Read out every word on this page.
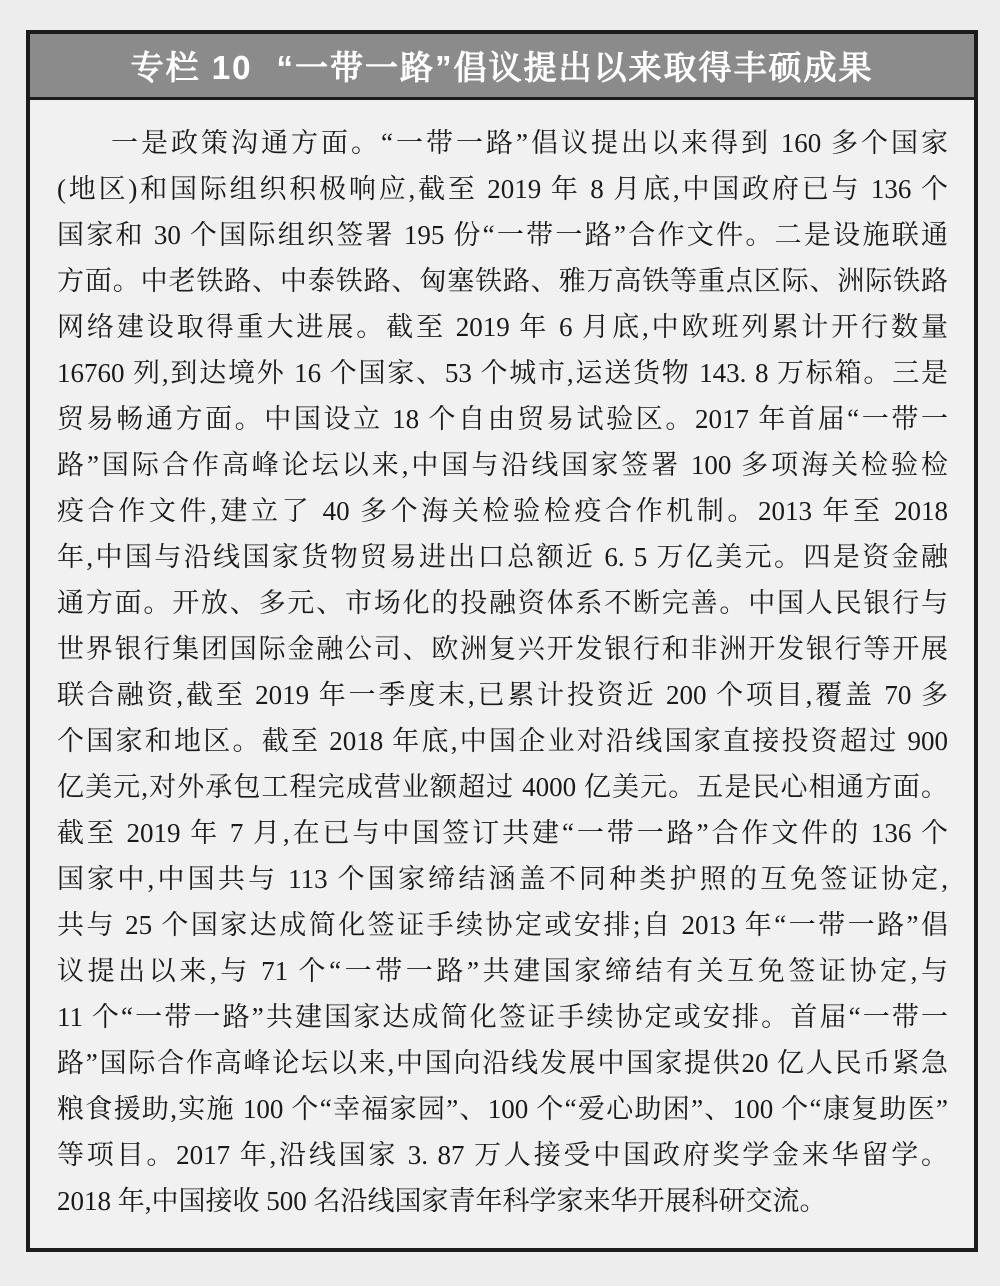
专栏 10 “一带一路”倡议提出以来取得丰硕成果
一是政策沟通方面。“一带一路”倡议提出以来得到 160 多个国家
(地区)和国际组织积极响应,截至 2019 年 8 月底,中国政府已与 136 个
国家和 30 个国际组织签署 195 份“一带一路”合作文件。二是设施联通
方面。中老铁路、中泰铁路、匈塞铁路、雅万高铁等重点区际、洲际铁路
网络建设取得重大进展。截至 2019 年 6 月底,中欧班列累计开行数量
16760 列,到达境外 16 个国家、53 个城市,运送货物 143. 8 万标箱。三是
贸易畅通方面。中国设立 18 个自由贸易试验区。2017 年首届“一带一
路”国际合作高峰论坛以来,中国与沿线国家签署 100 多项海关检验检
疫合作文件,建立了 40 多个海关检验检疫合作机制。2013 年至 2018
年,中国与沿线国家货物贸易进出口总额近 6. 5 万亿美元。四是资金融
通方面。开放、多元、市场化的投融资体系不断完善。中国人民银行与
世界银行集团国际金融公司、欧洲复兴开发银行和非洲开发银行等开展
联合融资,截至 2019 年一季度末,已累计投资近 200 个项目,覆盖 70 多
个国家和地区。截至 2018 年底,中国企业对沿线国家直接投资超过 900
亿美元,对外承包工程完成营业额超过 4000 亿美元。五是民心相通方面。
截至 2019 年 7 月,在已与中国签订共建“一带一路”合作文件的 136 个
国家中,中国共与 113 个国家缔结涵盖不同种类护照的互免签证协定,
共与 25 个国家达成简化签证手续协定或安排;自 2013 年“一带一路”倡
议提出以来,与 71 个“一带一路”共建国家缔结有关互免签证协定,与
11 个“一带一路”共建国家达成简化签证手续协定或安排。首届“一带一
路”国际合作高峰论坛以来,中国向沿线发展中国家提供20 亿人民币紧急
粮食援助,实施 100 个“幸福家园”、100 个“爱心助困”、100 个“康复助医”
等项目。2017 年,沿线国家 3. 87 万人接受中国政府奖学金来华留学。
2018 年,中国接收 500 名沿线国家青年科学家来华开展科研交流。
